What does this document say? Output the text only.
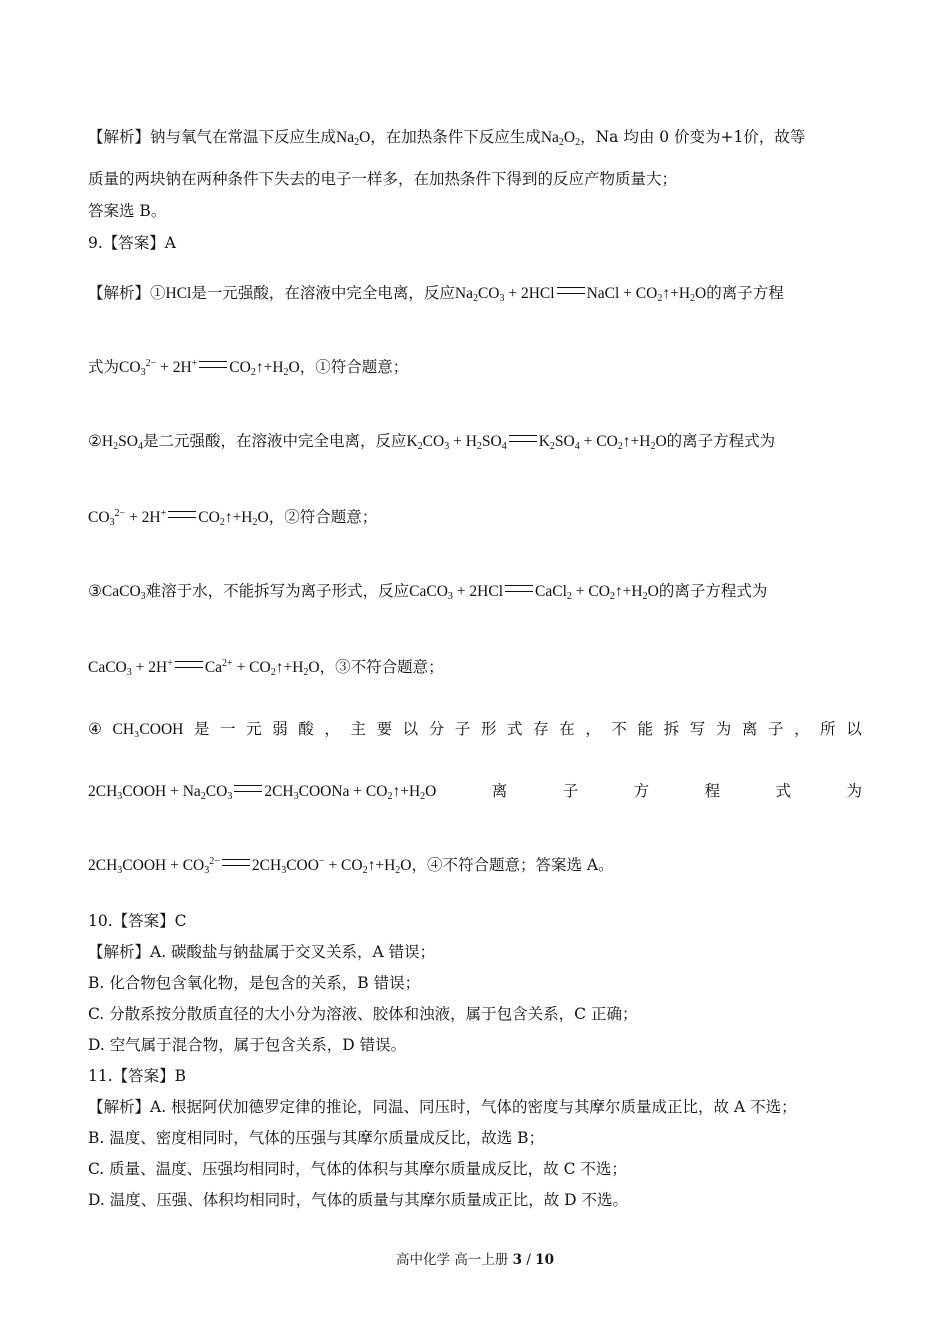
【解析】钠与氧气在常温下反应生成$Na_2O$，在加热条件下反应生成$Na_2O_2$，Na 均由 0 价变为+1价，故等
质量的两块钠在两种条件下失去的电子一样多，在加热条件下得到的反应产物质量大；
答案选 B。
9.【答案】A
【解析】①HCl是一元强酸，在溶液中完全电离，反应$Na_2CO_3 + 2HCl$ NaCl + $CO_2↑+H_2O$的离子方程
式为$CO_3^{2-} + 2H^+$ $CO_2↑+H_2O$，①符合题意；
$②H_2SO_4$是二元强酸，在溶液中完全电离，反应$K_2CO_3 + H_2SO_4$ $K_2SO_4$ + $CO_2↑+H_2O$的离子方程式为
$CO_3^{2-} + 2H^+$ $CO_2↑+H_2O$，②符合题意；
③CaCO$_3$难溶于水，不能拆写为离子形式，反应CaCO$_3$ + 2HCl CaCl$_2$ + $CO_2↑+H_2O$的离子方程式为
CaCO$_3$ + 2H+ $Ca^{2+}$ + $CO_2↑+H_2O$，③不符合题意；
④ CH₃COOH 是 一 元 弱 酸 ， 主 要 以 分 子 形 式 存 在 ， 不 能 拆 写 为 离 子 ， 所 以
$2CH_3COOH + Na_2CO_3$ $2CH_3COONa$ + $CO_2↑+H_2O$	离	子	方	程	式	为
$2CH_3COOH + CO_3^{2-}$ $2CH_3COO^-$ + $CO_2↑+H_2O$，④不符合题意；答案选 A。
10.【答案】C
【解析】A. 碳酸盐与钠盐属于交叉关系，A 错误；
B. 化合物包含氧化物，是包含的关系，B 错误；
C. 分散系按分散质直径的大小分为溶液、胶体和浊液，属于包含关系，C 正确；
D. 空气属于混合物，属于包含关系，D 错误。
11.【答案】B
【解析】A. 根据阿伏加德罗定律的推论，同温、同压时，气体的密度与其摩尔质量成正比，故 A 不选；
B. 温度、密度相同时，气体的压强与其摩尔质量成反比，故选 B；
C. 质量、温度、压强均相同时，气体的体积与其摩尔质量成反比，故 C 不选；
D. 温度、压强、体积均相同时，气体的质量与其摩尔质量成正比，故 D 不选。
高中化学 高一上册 3 / 10
